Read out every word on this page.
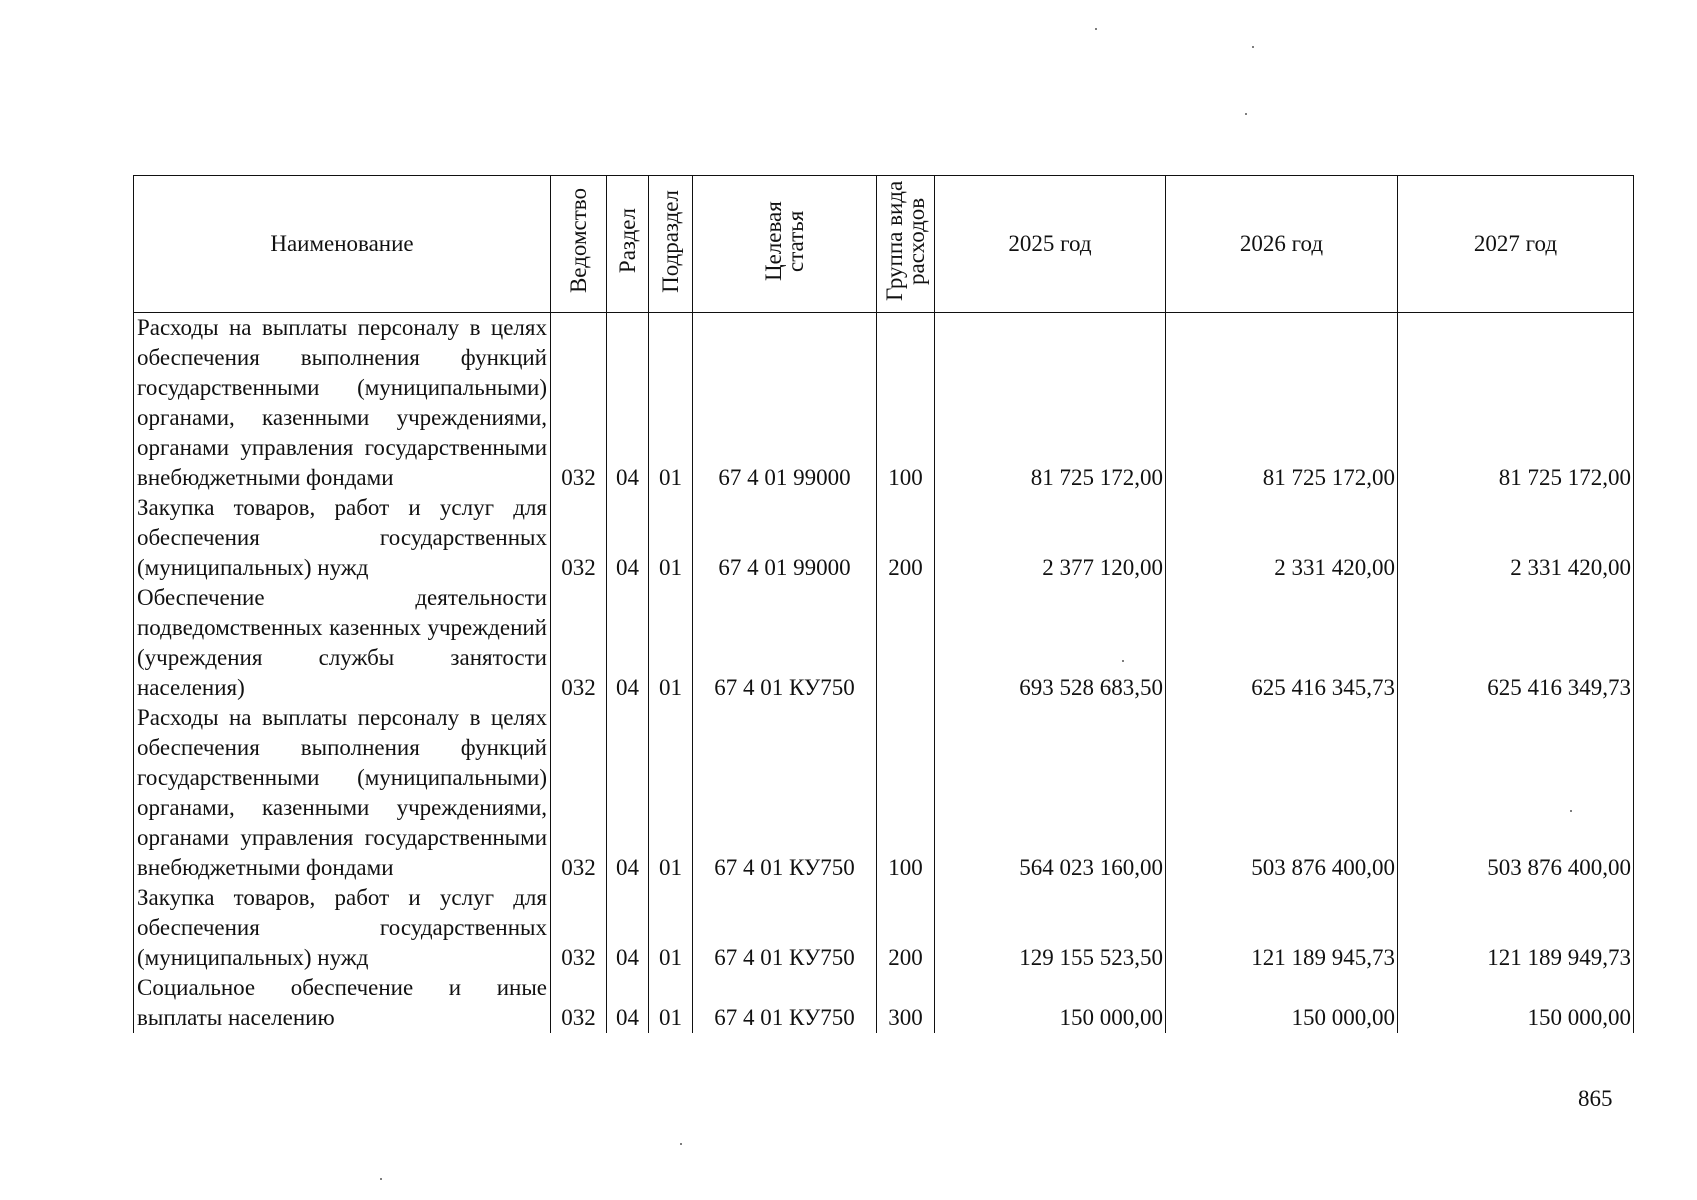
Наименование	Ведомство	Раздел	Подраздел	Целевая статья	Группа вида расходов	2025 год	2026 год	2027 год
Расходы на выплаты персоналу в целях обеспечения выполнения функций государственными (муниципальными) органами, казенными учреждениями, органами управления государственными внебюджетными фондами	032	04	01	67 4 01 99000	100	81 725 172,00	81 725 172,00	81 725 172,00
Закупка товаров, работ и услуг для обеспечения государственных (муниципальных) нужд	032	04	01	67 4 01 99000	200	2 377 120,00	2 331 420,00	2 331 420,00
Обеспечение деятельности подведомственных казенных учреждений (учреждения службы занятости населения)	032	04	01	67 4 01 КУ750		693 528 683,50	625 416 345,73	625 416 349,73
Расходы на выплаты персоналу в целях обеспечения выполнения функций государственными (муниципальными) органами, казенными учреждениями, органами управления государственными внебюджетными фондами	032	04	01	67 4 01 КУ750	100	564 023 160,00	503 876 400,00	503 876 400,00
Закупка товаров, работ и услуг для обеспечения государственных (муниципальных) нужд	032	04	01	67 4 01 КУ750	200	129 155 523,50	121 189 945,73	121 189 949,73
Социальное обеспечение и иные выплаты населению	032	04	01	67 4 01 КУ750	300	150 000,00	150 000,00	150 000,00
865
